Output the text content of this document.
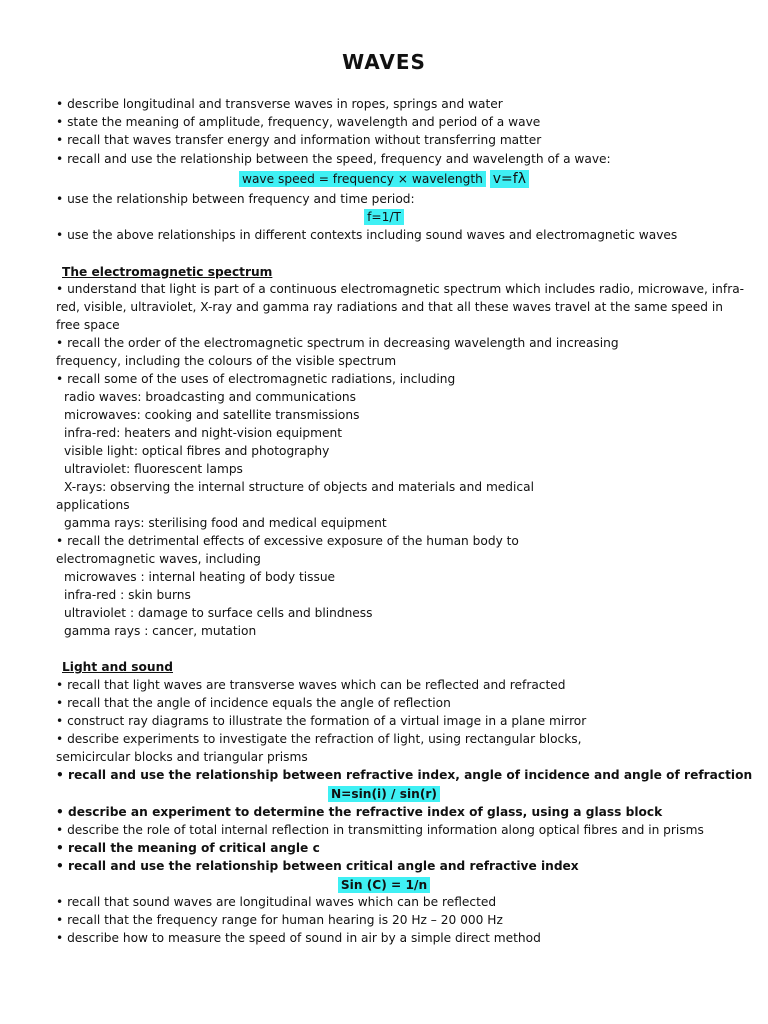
WAVES
• describe longitudinal and transverse waves in ropes, springs and water
• state the meaning of amplitude, frequency, wavelength and period of a wave
• recall that waves transfer energy and information without transferring matter
• recall and use the relationship between the speed, frequency and wavelength of a wave:
wave speed = frequency × wavelength v=fλ
• use the relationship between frequency and time period:
f=1/T
• use the above relationships in different contexts including sound waves and electromagnetic waves
The electromagnetic spectrum
• understand that light is part of a continuous electromagnetic spectrum which includes radio, microwave, infra-
red, visible, ultraviolet, X-ray and gamma ray radiations and that all these waves travel at the same speed in
free space
• recall the order of the electromagnetic spectrum in decreasing wavelength and increasing
frequency, including the colours of the visible spectrum
• recall some of the uses of electromagnetic radiations, including
radio waves: broadcasting and communications
microwaves: cooking and satellite transmissions
infra-red: heaters and night-vision equipment
visible light: optical fibres and photography
ultraviolet: fluorescent lamps
X-rays: observing the internal structure of objects and materials and medical
applications
gamma rays: sterilising food and medical equipment
• recall the detrimental effects of excessive exposure of the human body to
electromagnetic waves, including
microwaves : internal heating of body tissue
infra-red : skin burns
ultraviolet : damage to surface cells and blindness
gamma rays : cancer, mutation
Light and sound
• recall that light waves are transverse waves which can be reflected and refracted
• recall that the angle of incidence equals the angle of reflection
• construct ray diagrams to illustrate the formation of a virtual image in a plane mirror
• describe experiments to investigate the refraction of light, using rectangular blocks,
semicircular blocks and triangular prisms
• recall and use the relationship between refractive index, angle of incidence and angle of refraction
N=sin(i) / sin(r)
• describe an experiment to determine the refractive index of glass, using a glass block
• describe the role of total internal reflection in transmitting information along optical fibres and in prisms
• recall the meaning of critical angle c
• recall and use the relationship between critical angle and refractive index
Sin (C) = 1/n
• recall that sound waves are longitudinal waves which can be reflected
• recall that the frequency range for human hearing is 20 Hz – 20 000 Hz
• describe how to measure the speed of sound in air by a simple direct method
